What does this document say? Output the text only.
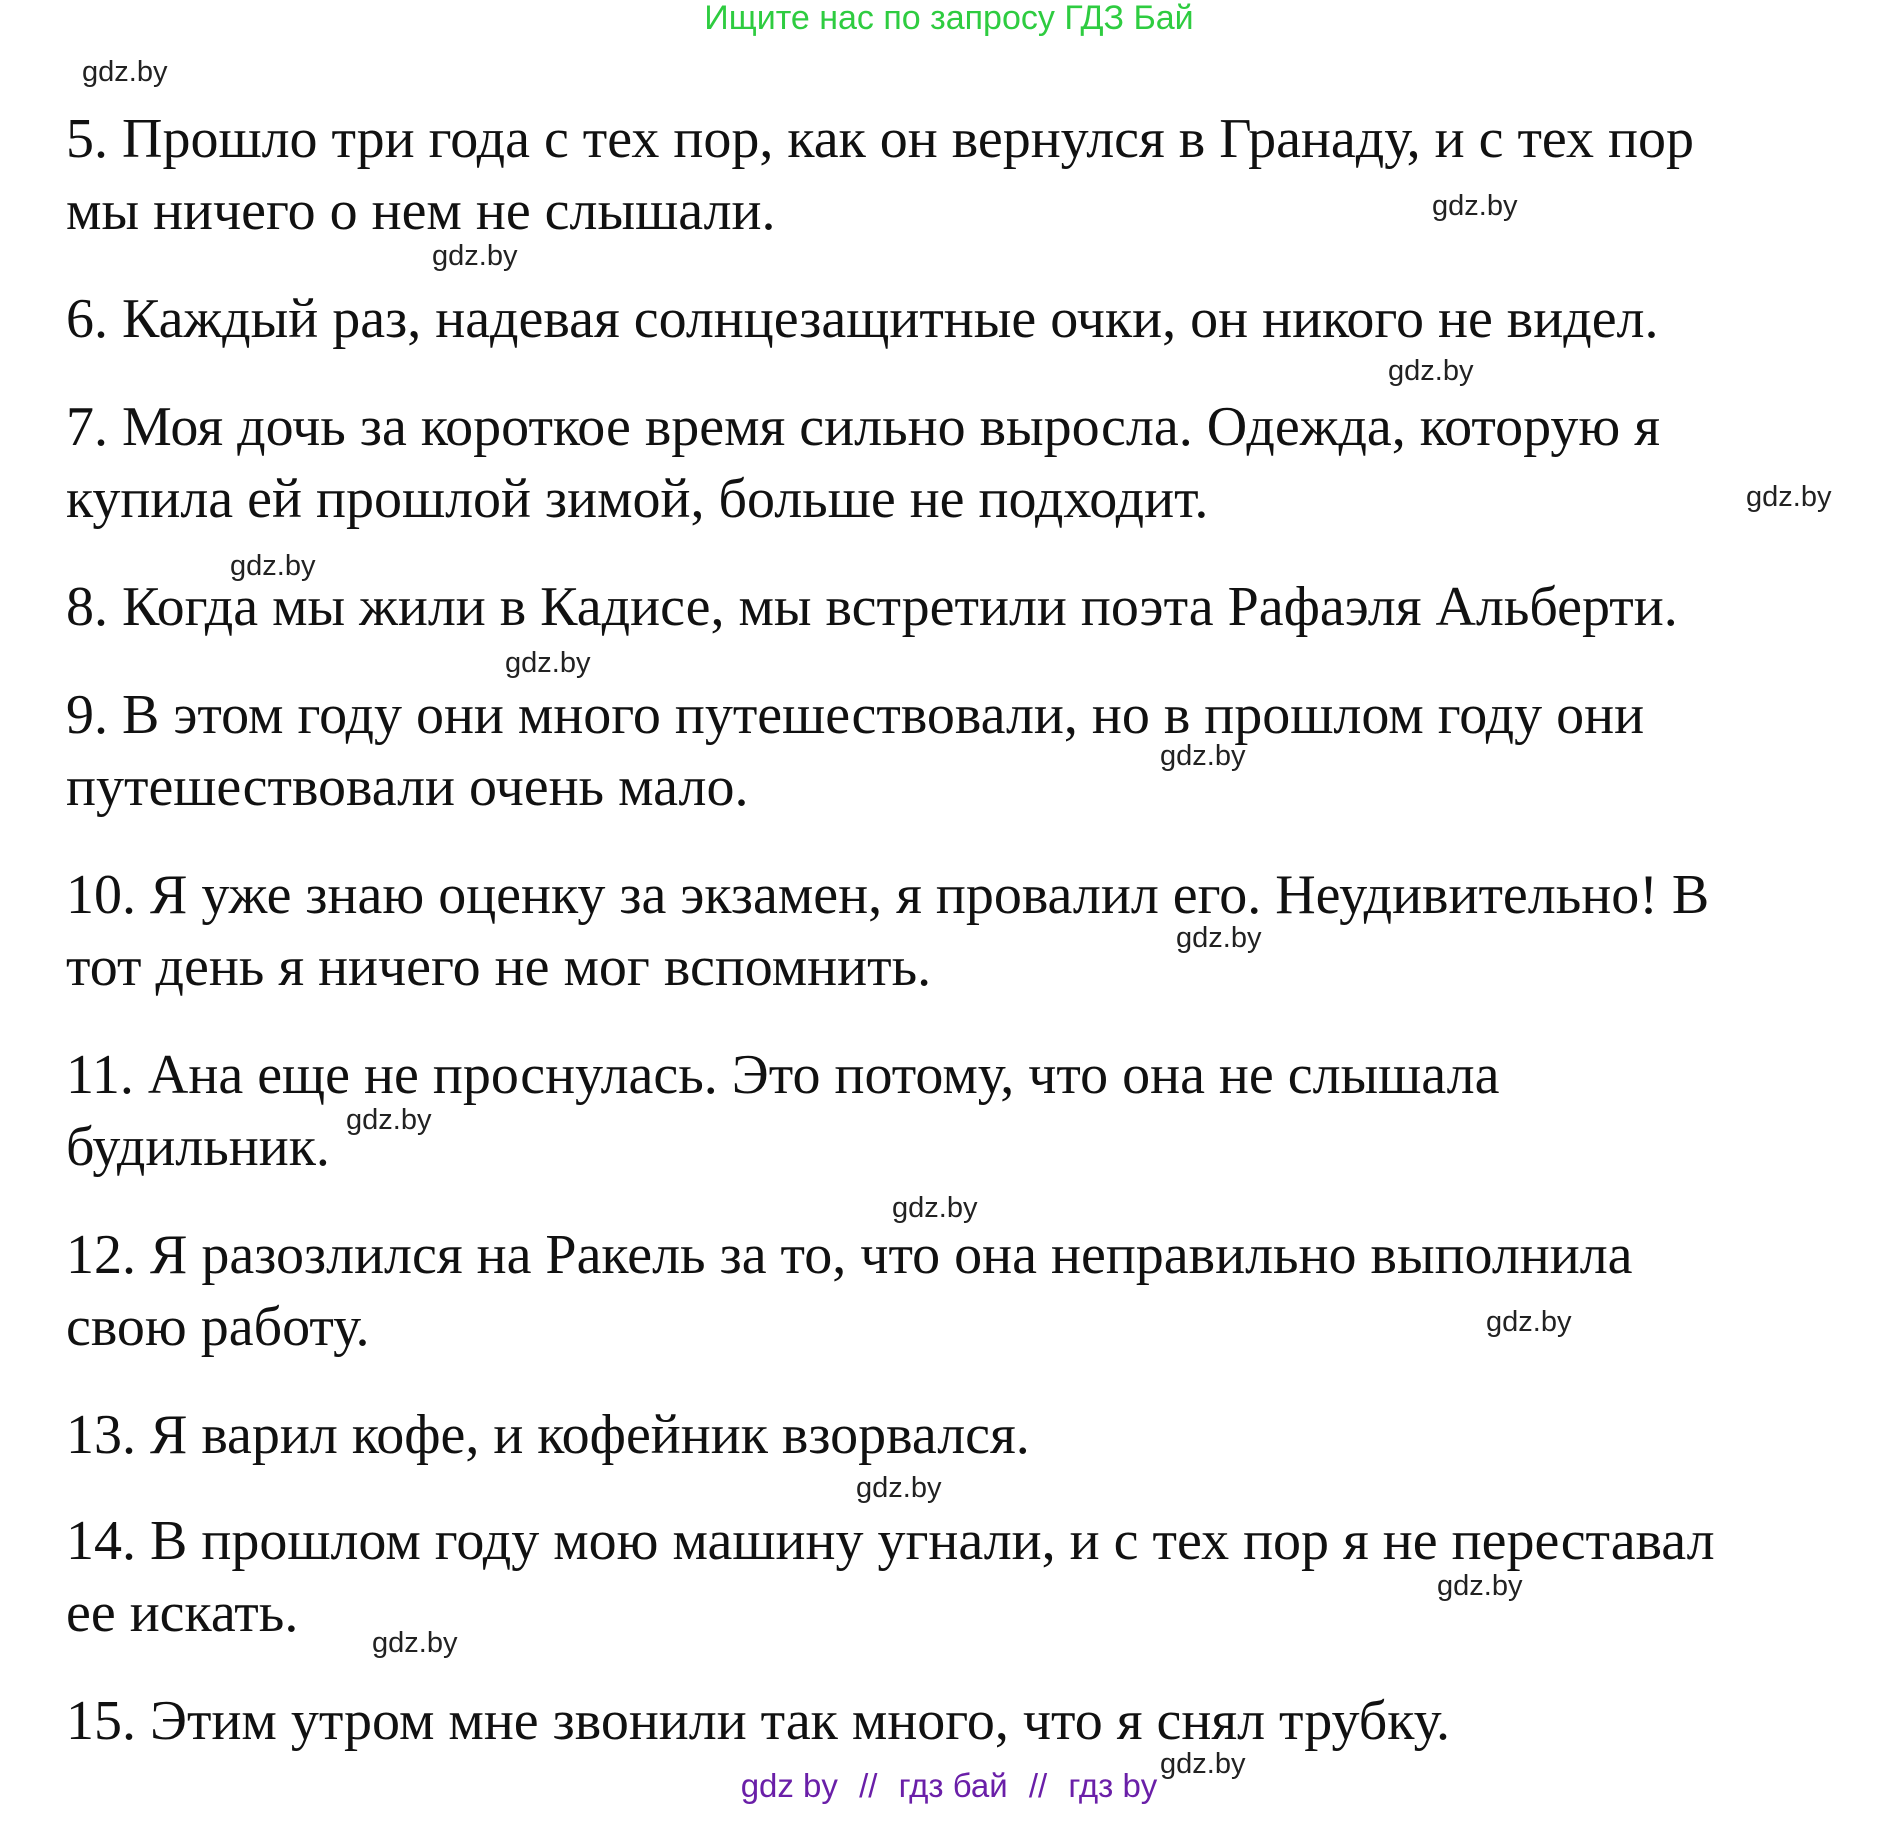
Ищите нас по запросу ГДЗ Бай
gdz.by
gdz.by
gdz.by
gdz.by
gdz.by
gdz.by
gdz.by
gdz.by
gdz.by
gdz.by
gdz.by
gdz.by
gdz.by
gdz.by
gdz.by
gdz.by

5. Прошло три года с тех пор, как он вернулся в Гранаду, и с тех пор

мы ничего о нем не слышали.

6. Каждый раз, надевая солнцезащитные очки, он никого не видел.

7. Моя дочь за короткое время сильно выросла. Одежда, которую я

купила ей прошлой зимой, больше не подходит.

8. Когда мы жили в Кадисе, мы встретили поэта Рафаэля Альберти.

9. В этом году они много путешествовали, но в прошлом году они

путешествовали очень мало.

10. Я уже знаю оценку за экзамен, я провалил его. Неудивительно! В

тот день я ничего не мог вспомнить.

11. Ана еще не проснулась. Это потому, что она не слышала

будильник.

12. Я разозлился на Ракель за то, что она неправильно выполнила

свою работу.

13. Я варил кофе, и кофейник взорвался.

14. В прошлом году мою машину угнали, и с тех пор я не переставал

ее искать.

15. Этим утром мне звонили так много, что я снял трубку.

gdz by // гдз бай // гдз by
